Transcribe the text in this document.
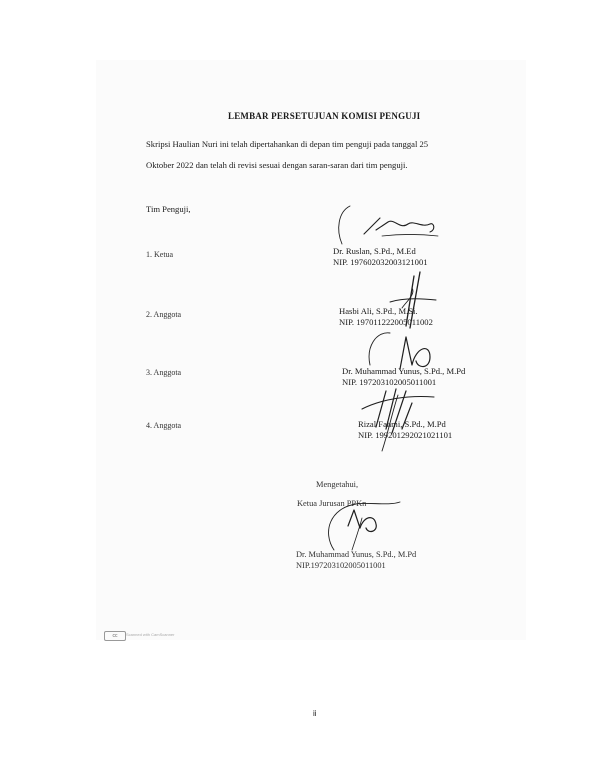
LEMBAR PERSETUJUAN KOMISI PENGUJI
Skripsi Haulian Nuri ini telah dipertahankan di depan tim penguji pada tanggal 25
Oktober 2022 dan telah di revisi sesuai dengan saran-saran dari tim penguji.
Tim Penguji,
1. Ketua	Dr. Ruslan, S.Pd., M.Ed
NIP. 197602032003121001
2. Anggota	Hasbi Ali, S.Pd., M.Si.
NIP. 197011222005011002
3. Anggota	Dr. Muhammad Yunus, S.Pd., M.Pd
NIP. 197203102005011001
4. Anggota	Rizal Fahmi, S.Pd., M.Pd
NIP. 199201292021021101
Mengetahui,
Ketua Jurusan PPKn
Dr. Muhammad Yunus, S.Pd., M.Pd
NIP.197203102005011001
cc	Scanned with CamScanner
ii
